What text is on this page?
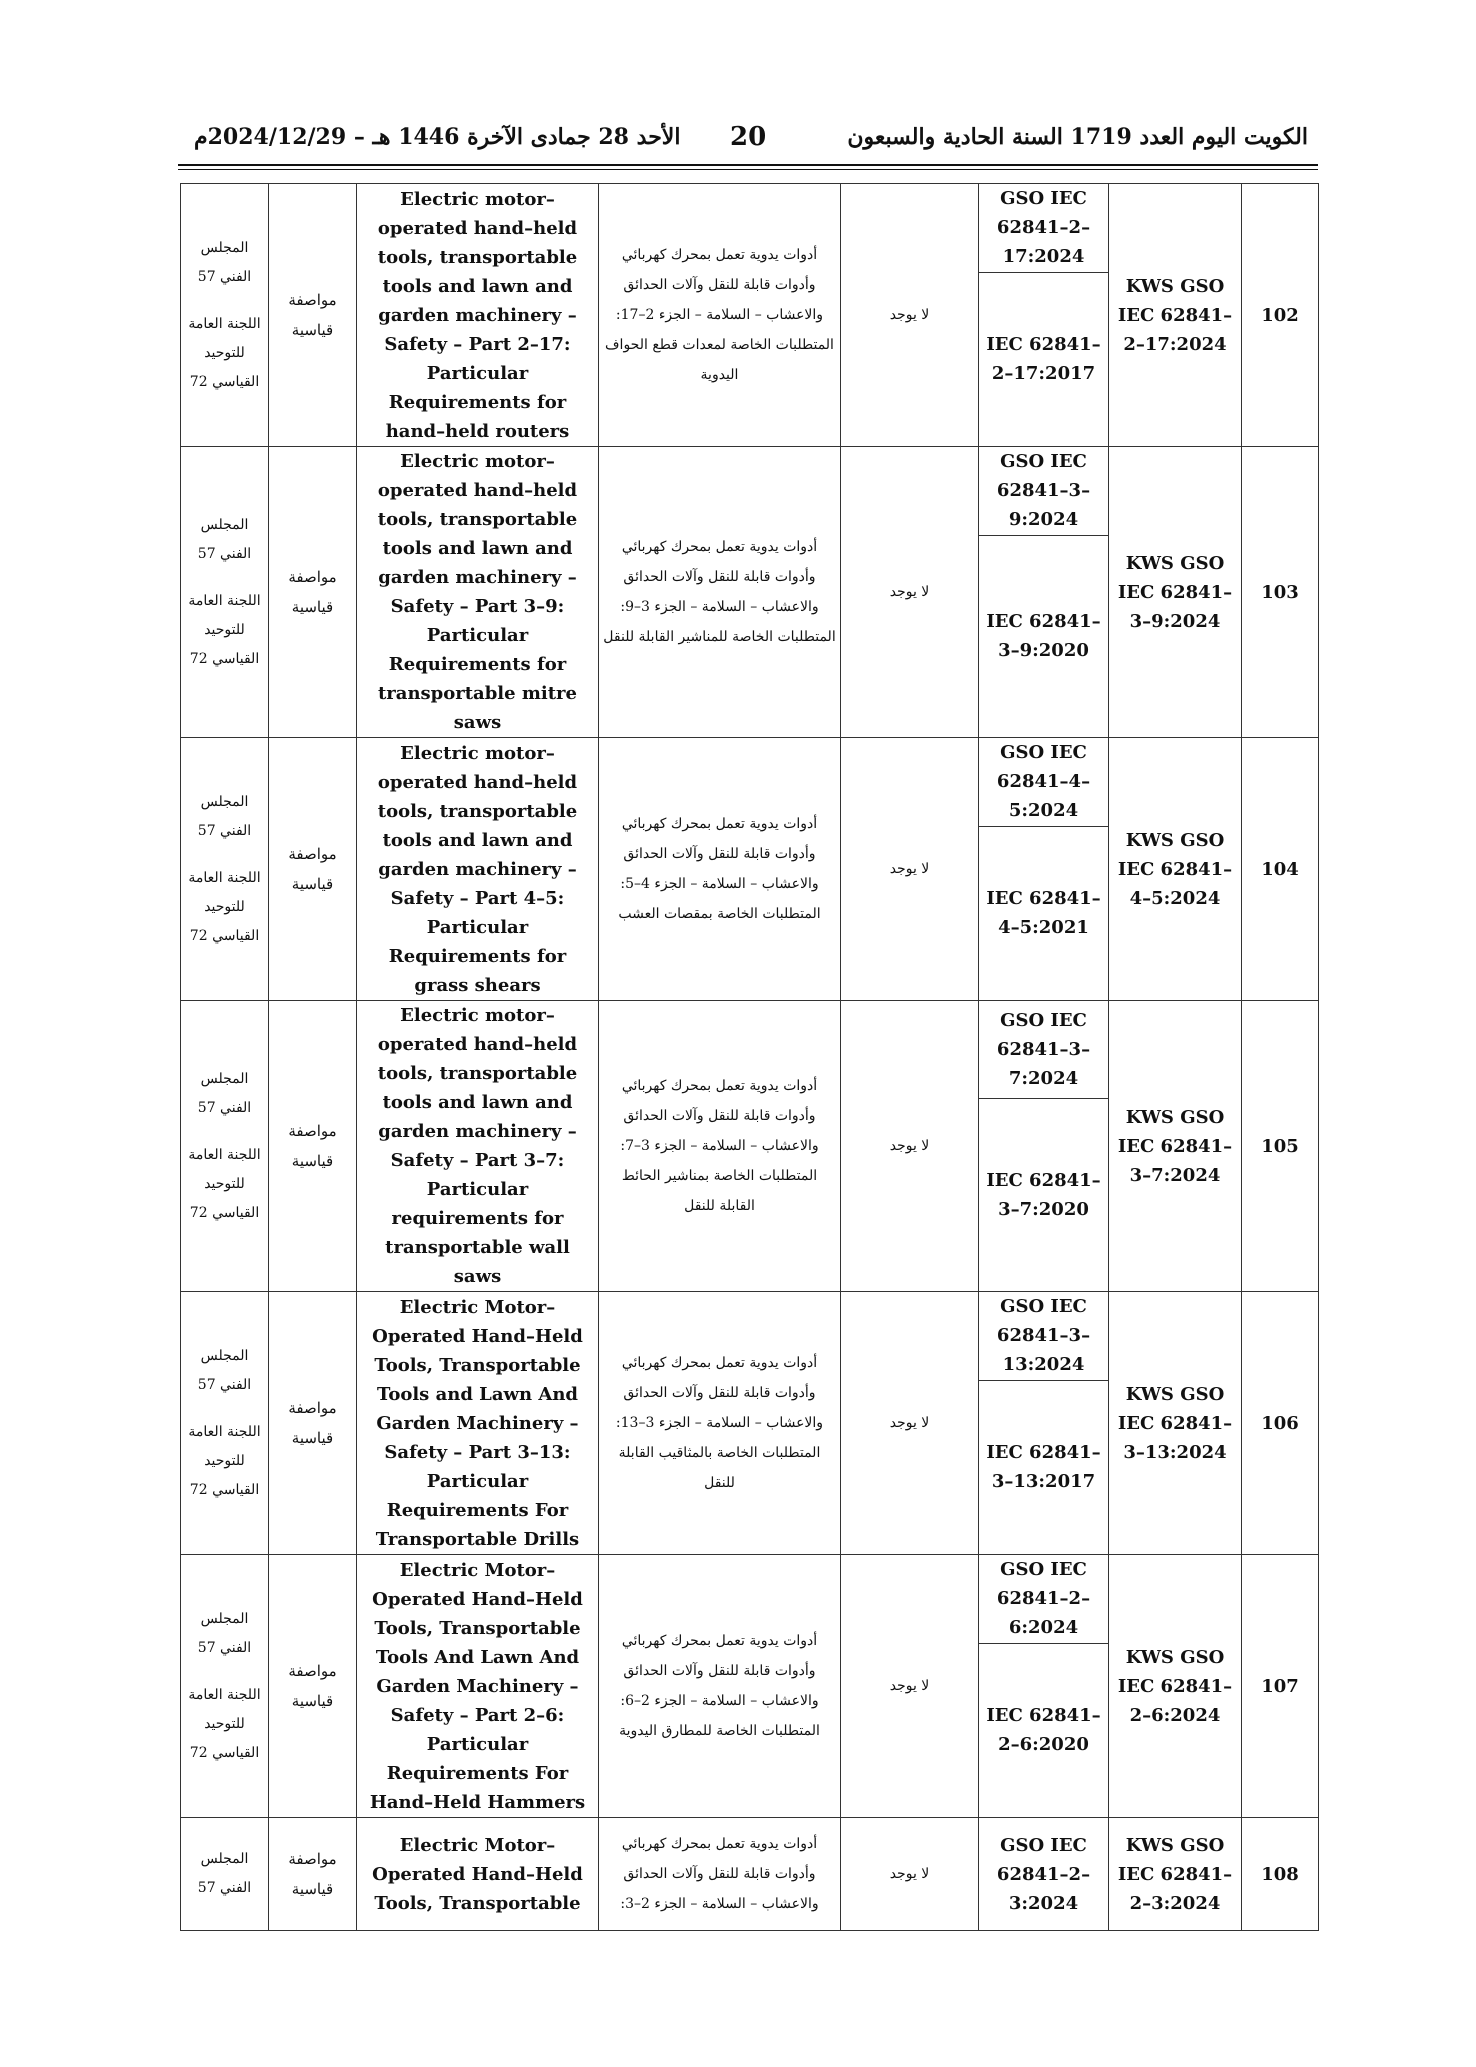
الأحد 28 جمادى الآخرة 1446 هـ – 2024/12/29م 20	الكويت اليوم العدد 1719 السنة الحادية والسبعون
المجلس الفني 57
اللجنة العامة للتوحيد القياسي 72	مواصفة قياسية	Electric motor–operated hand–held tools, transportable tools and lawn and garden machinery – Safety – Part 2–17: Particular Requirements for hand–held routers	أدوات يدوية تعمل بمحرك كهربائي وأدوات قابلة للنقل وآلات الحدائق والاعشاب – السلامة – الجزء 2–17: المتطلبات الخاصة لمعدات قطع الحواف اليدوية	لا يوجد	GSO IEC 62841–2–17:2024	KWS GSO IEC 62841–2–17:2024	102
					IEC 62841–2–17:2017		

المجلس الفني 57
اللجنة العامة للتوحيد القياسي 72	مواصفة قياسية	Electric motor–operated hand–held tools, transportable tools and lawn and garden machinery – Safety – Part 3–9: Particular Requirements for transportable mitre saws	أدوات يدوية تعمل بمحرك كهربائي وأدوات قابلة للنقل وآلات الحدائق والاعشاب – السلامة – الجزء 3–9: المتطلبات الخاصة للمناشير القابلة للنقل	لا يوجد	GSO IEC 62841–3–9:2024	KWS GSO IEC 62841–3–9:2024	103
					IEC 62841–3–9:2020		

المجلس الفني 57
اللجنة العامة للتوحيد القياسي 72	مواصفة قياسية	Electric motor–operated hand–held tools, transportable tools and lawn and garden machinery – Safety – Part 4–5: Particular Requirements for grass shears	أدوات يدوية تعمل بمحرك كهربائي وأدوات قابلة للنقل وآلات الحدائق والاعشاب – السلامة – الجزء 4–5: المتطلبات الخاصة بمقصات العشب	لا يوجد	GSO IEC 62841–4–5:2024	KWS GSO IEC 62841–4–5:2024	104
					IEC 62841–4–5:2021		

المجلس الفني 57
اللجنة العامة للتوحيد القياسي 72	مواصفة قياسية	Electric motor–operated hand–held tools, transportable tools and lawn and garden machinery – Safety – Part 3–7: Particular requirements for transportable wall saws	أدوات يدوية تعمل بمحرك كهربائي وأدوات قابلة للنقل وآلات الحدائق والاعشاب – السلامة – الجزء 3–7: المتطلبات الخاصة بمناشير الحائط القابلة للنقل	لا يوجد	GSO IEC 62841–3–7:2024	KWS GSO IEC 62841–3–7:2024	105
					IEC 62841–3–7:2020		

المجلس الفني 57
اللجنة العامة للتوحيد القياسي 72	مواصفة قياسية	Electric Motor–Operated Hand–Held Tools, Transportable Tools and Lawn And Garden Machinery – Safety – Part 3–13: Particular Requirements For Transportable Drills	أدوات يدوية تعمل بمحرك كهربائي وأدوات قابلة للنقل وآلات الحدائق والاعشاب – السلامة – الجزء 3–13: المتطلبات الخاصة بالمثاقيب القابلة للنقل	لا يوجد	GSO IEC 62841–3–13:2024	KWS GSO IEC 62841–3–13:2024	106
					IEC 62841–3–13:2017		

المجلس الفني 57
اللجنة العامة للتوحيد القياسي 72	مواصفة قياسية	Electric Motor–Operated Hand–Held Tools, Transportable Tools And Lawn And Garden Machinery – Safety – Part 2–6: Particular Requirements For Hand–Held Hammers	أدوات يدوية تعمل بمحرك كهربائي وأدوات قابلة للنقل وآلات الحدائق والاعشاب – السلامة – الجزء 2–6: المتطلبات الخاصة للمطارق اليدوية	لا يوجد	GSO IEC 62841–2–6:2024	KWS GSO IEC 62841–2–6:2024	107
					IEC 62841–2–6:2020		

المجلس الفني 57	مواصفة قياسية	Electric Motor–Operated Hand–Held Tools, Transportable	أدوات يدوية تعمل بمحرك كهربائي وأدوات قابلة للنقل وآلات الحدائق والاعشاب – السلامة – الجزء 2–3:	لا يوجد	GSO IEC 62841–2–3:2024	KWS GSO IEC 62841–2–3:2024	108
